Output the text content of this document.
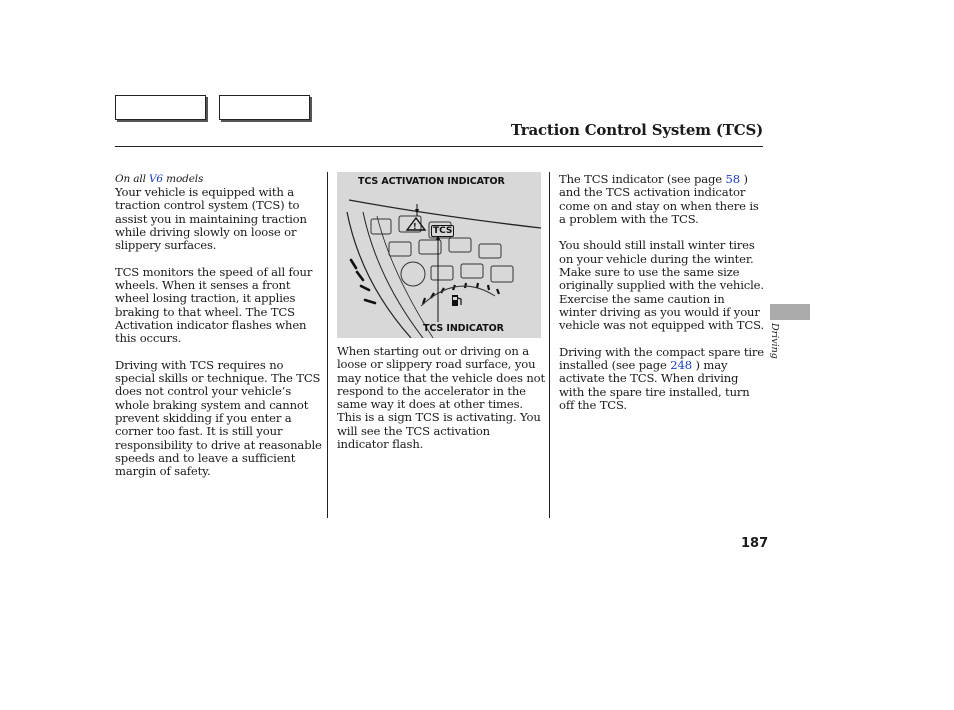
Traction Control System (TCS)
On all V6 models

Your vehicle is equipped with a traction control system (TCS) to assist you in maintaining traction while driving slowly on loose or slippery surfaces.

TCS monitors the speed of all four wheels. When it senses a front wheel losing traction, it applies braking to that wheel. The TCS Activation indicator flashes when this occurs.

Driving with TCS requires no special skills or technique. The TCS does not control your vehicle’s whole braking system and cannot prevent skidding if you enter a corner too fast. It is still your responsibility to drive at reasonable speeds and to leave a sufficient margin of safety.

! TCS
TCS ACTIVATION INDICATOR
TCS INDICATOR

When starting out or driving on a loose or slippery road surface, you may notice that the vehicle does not respond to the accelerator in the same way it does at other times. This is a sign TCS is activating. You will see the TCS activation indicator flash.

The TCS indicator (see page 58 ) and the TCS activation indicator come on and stay on when there is a problem with the TCS.

You should still install winter tires on your vehicle during the winter. Make sure to use the same size originally supplied with the vehicle. Exercise the same caution in winter driving as you would if your vehicle was not equipped with TCS.

Driving with the compact spare tire installed (see page 248 ) may activate the TCS. When driving with the spare tire installed, turn off the TCS.

Driving
187
